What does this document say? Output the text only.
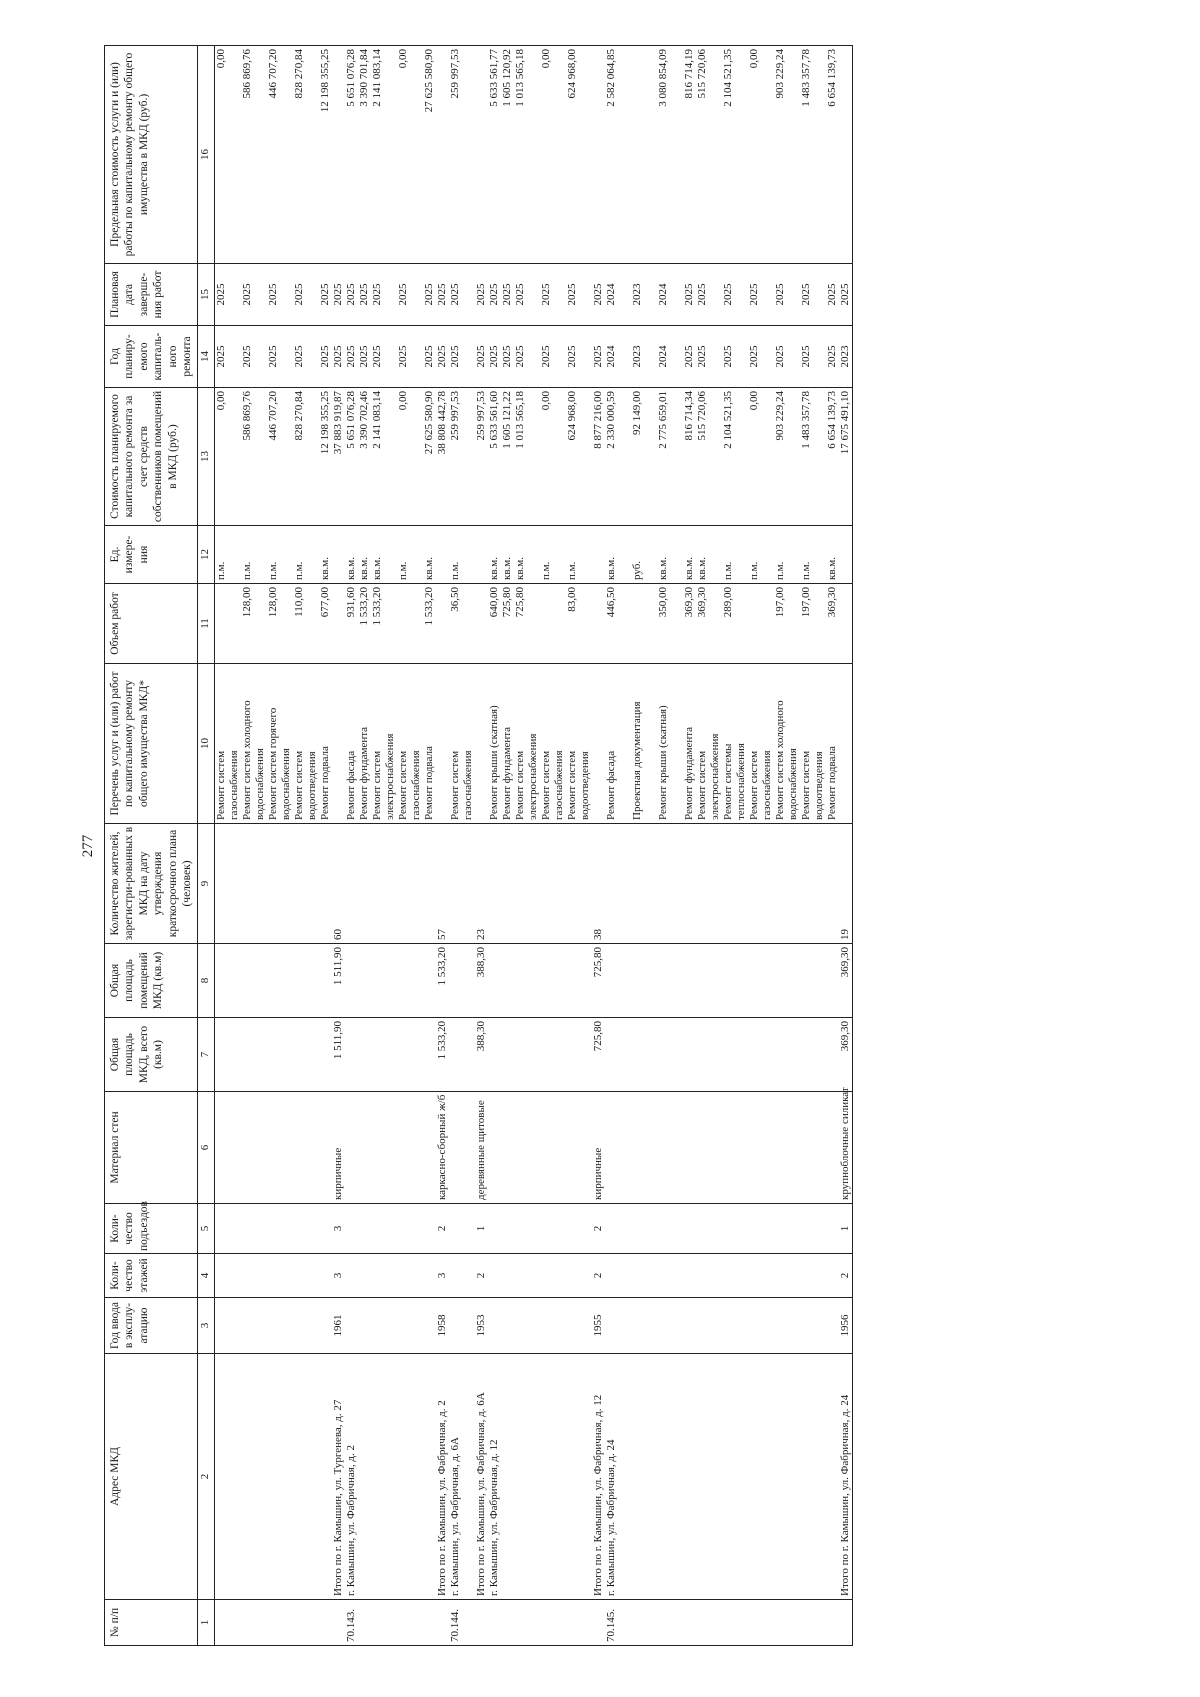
277
№ п/п	Адрес МКД	Год ввода в эксплу-атацию	Коли-чество этажей	Коли-чество подъездов	Материал стен	Общая площадь МКД, всего (кв.м)	Общая площадь помещений МКД (кв.м)	Количество жителей, зарегистри-рованных в МКД на дату утверждения краткосрочного плана (человек)	Перечень услуг и (или) работ по капитальному ремонту общего имущества МКД*	Объем работ	Ед. измере-ния	Стоимость планируемого капитального ремонта за счет средств собственников помещений в МКД (руб.)	Год планиру-емого капиталь-ного ремонта	Плановая дата заверше-ния работ	Предельная стоимость услуги и (или) работы по капитальному ремонту общего имущества в МКД (руб.)
1	2	3	4	5	6	7	8	9	10	11	12	13	14	15	16
									Ремонт систем		п.м.	0,00	2025	2025	0,00
									газоснабжения						
									Ремонт систем холодного	128,00	п.м.	586 869,76	2025	2025	586 869,76
									водоснабжения						
									Ремонт систем горячего	128,00	п.м.	446 707,20	2025	2025	446 707,20
									водоснабжения						
									Ремонт систем	110,00	п.м.	828 270,84	2025	2025	828 270,84
									водоотведения						
									Ремонт подвала	677,00	кв.м.	12 198 355,25	2025	2025	12 198 355,25
	Итого по г. Камышин, ул. Тургенева, д. 27	1961	3	3	кирпичные	1 511,90	1 511,90	60				37 883 919,87	2025	2025	
70.143.	г. Камышин, ул. Фабричная, д. 2								Ремонт фасада	931,60	кв.м.	5 651 076,28	2025	2025	5 651 076,28
									Ремонт фундамента	1 533,20	кв.м.	3 390 702,46	2025	2025	3 390 701,84
									Ремонт систем	1 533,20	кв.м.	2 141 083,14	2025	2025	2 141 083,14
									электроснабжения						
									Ремонт систем		п.м.	0,00	2025	2025	0,00
									газоснабжения						
									Ремонт подвала	1 533,20	кв.м.	27 625 580,90	2025	2025	27 625 580,90
	Итого по г. Камышин, ул. Фабричная, д. 2	1958	3	2	каркасно-сборный ж/б	1 533,20	1 533,20	57				38 808 442,78	2025	2025	
70.144.	г. Камышин, ул. Фабричная, д. 6А								Ремонт систем	36,50	п.м.	259 997,53	2025	2025	259 997,53
									газоснабжения						
	Итого по г. Камышин, ул. Фабричная, д. 6А	1953	2	1	деревянные щитовые	388,30	388,30	23				259 997,53	2025	2025	
	г. Камышин, ул. Фабричная, д. 12								Ремонт крыши (скатная)	640,00	кв.м.	5 633 561,60	2025	2025	5 633 561,77
									Ремонт фундамента	725,80	кв.м.	1 605 121,22	2025	2025	1 605 120,92
									Ремонт систем	725,80	кв.м.	1 013 565,18	2025	2025	1 013 565,18
									электроснабжения						
									Ремонт систем		п.м.	0,00	2025	2025	0,00
									газоснабжения						
									Ремонт систем	83,00	п.м.	624 968,00	2025	2025	624 968,00
									водоотведения						
	Итого по г. Камышин, ул. Фабричная, д. 12	1955	2	2	кирпичные	725,80	725,80	38				8 877 216,00	2025	2025	
70.145.	г. Камышин, ул. Фабричная, д. 24								Ремонт фасада	446,50	кв.м.	2 330 000,59	2024	2024	2 582 064,85

									Проектная документация		руб.	92 149,00	2023	2023	

									Ремонт крыши (скатная)	350,00	кв.м.	2 775 659,01	2024	2024	3 080 854,09

									Ремонт фундамента	369,30	кв.м.	816 714,34	2025	2025	816 714,19
									Ремонт систем	369,30	кв.м.	515 720,06	2025	2025	515 720,06
									электроснабжения						
									Ремонт системы	289,00	п.м.	2 104 521,35	2025	2025	2 104 521,35
									теплоснабжения						
									Ремонт систем		п.м.	0,00	2025	2025	0,00
									газоснабжения						
									Ремонт систем холодного	197,00	п.м.	903 229,24	2025	2025	903 229,24
									водоснабжения						
									Ремонт систем	197,00	п.м.	1 483 357,78	2025	2025	1 483 357,78
									водоотведения						
									Ремонт подвала	369,30	кв.м.	6 654 139,73	2025	2025	6 654 139,73
	Итого по г. Камышин, ул. Фабричная, д. 24	1956	2	1	крупноблочные силикат	369,30	369,30	19				17 675 491,10	2023	2025	
